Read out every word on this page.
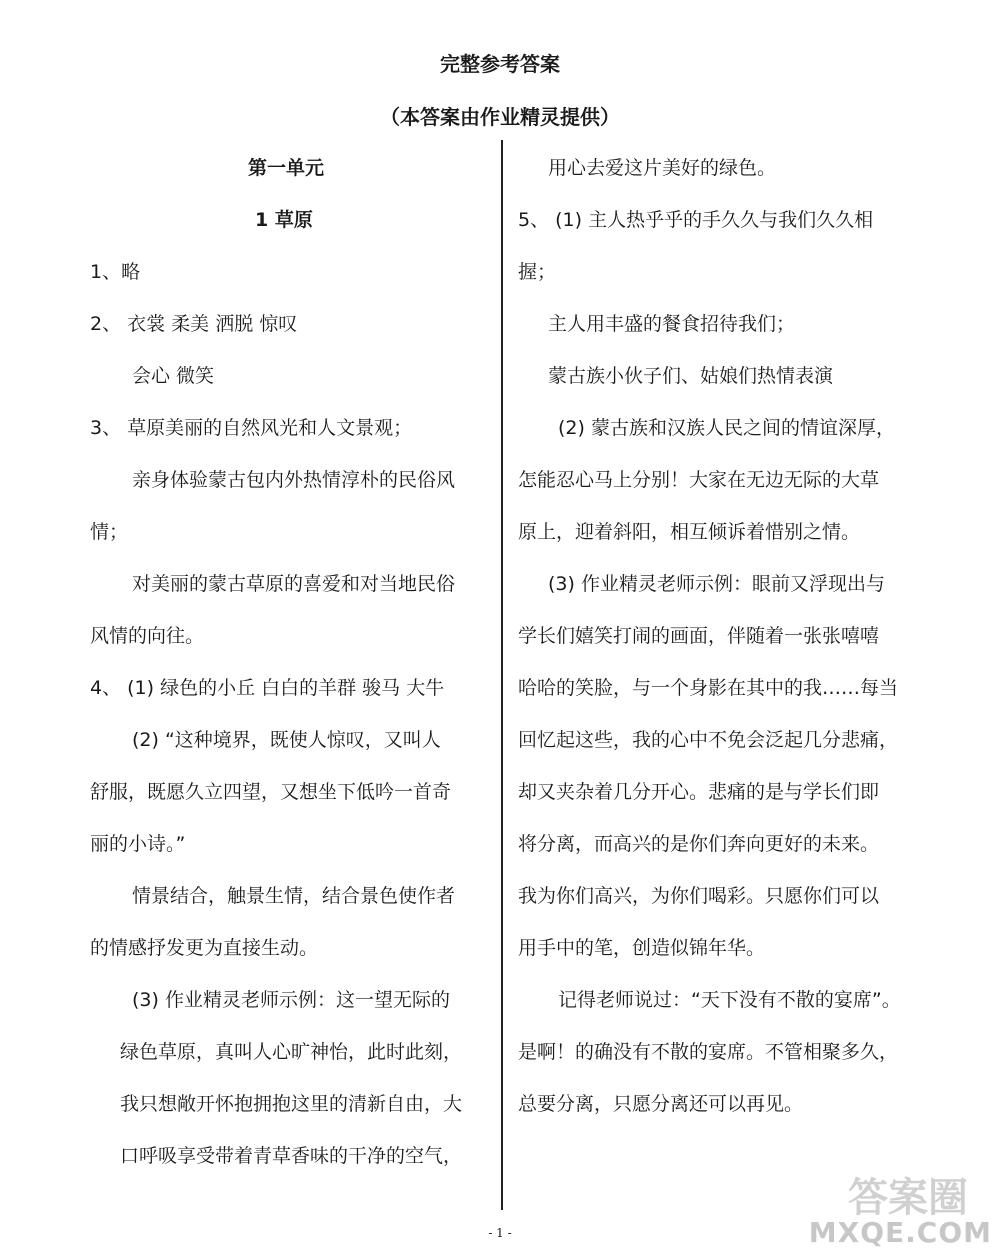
完整参考答案
（本答案由作业精灵提供）
第一单元
1 草原
1、略
2、 衣裳 柔美 洒脱 惊叹
会心 微笑
3、 草原美丽的自然风光和人文景观；
亲身体验蒙古包内外热情淳朴的民俗风
情；
对美丽的蒙古草原的喜爱和对当地民俗
风情的向往。
4、 (1) 绿色的小丘 白白的羊群 骏马 大牛
(2) “这种境界，既使人惊叹，又叫人
舒服，既愿久立四望，又想坐下低吟一首奇
丽的小诗。”
情景结合，触景生情，结合景色使作者
的情感抒发更为直接生动。
(3) 作业精灵老师示例：这一望无际的
绿色草原，真叫人心旷神怡，此时此刻，
我只想敞开怀抱拥抱这里的清新自由，大
口呼吸享受带着青草香味的干净的空气，
用心去爱这片美好的绿色。
5、 (1) 主人热乎乎的手久久与我们久久相
握；
主人用丰盛的餐食招待我们；
蒙古族小伙子们、姑娘们热情表演
(2) 蒙古族和汉族人民之间的情谊深厚，
怎能忍心马上分别！大家在无边无际的大草
原上，迎着斜阳，相互倾诉着惜别之情。
(3) 作业精灵老师示例：眼前又浮现出与
学长们嬉笑打闹的画面，伴随着一张张嘻嘻
哈哈的笑脸，与一个身影在其中的我……每当
回忆起这些，我的心中不免会泛起几分悲痛，
却又夹杂着几分开心。悲痛的是与学长们即
将分离，而高兴的是你们奔向更好的未来。
我为你们高兴，为你们喝彩。只愿你们可以
用手中的笔，创造似锦年华。
记得老师说过：“天下没有不散的宴席”。
是啊！的确没有不散的宴席。不管相聚多久，
总要分离，只愿分离还可以再见。
- 1 -
答案圈
MXQE.COM
